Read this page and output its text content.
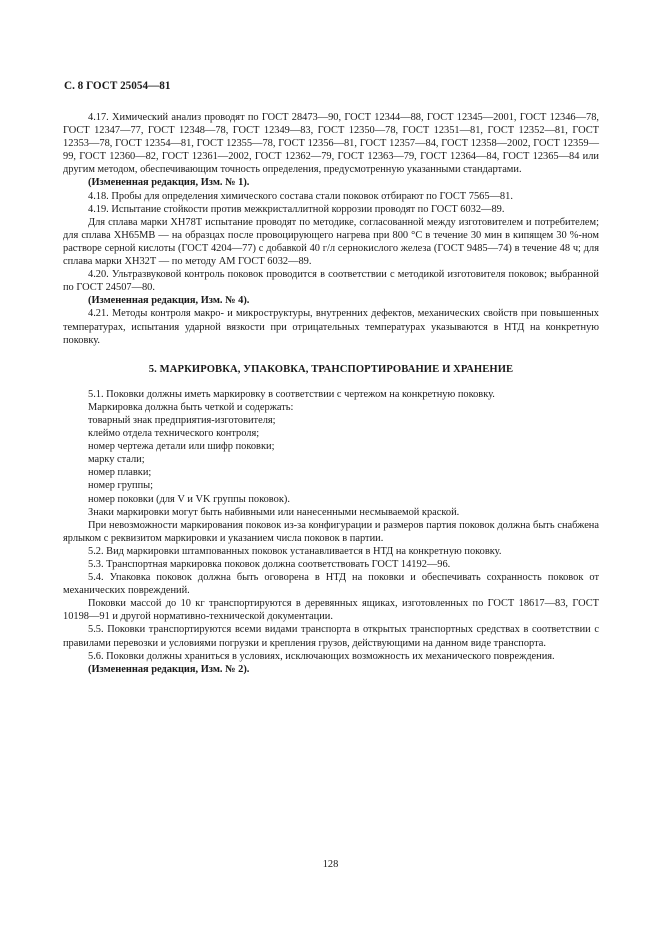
С. 8 ГОСТ 25054—81

4.17. Химический анализ проводят по ГОСТ 28473—90, ГОСТ 12344—88, ГОСТ 12345—2001, ГОСТ 12346—78, ГОСТ 12347—77, ГОСТ 12348—78, ГОСТ 12349—83, ГОСТ 12350—78, ГОСТ 12351—81, ГОСТ 12352—81, ГОСТ 12353—78, ГОСТ 12354—81, ГОСТ 12355—78, ГОСТ 12356—81, ГОСТ 12357—84, ГОСТ 12358—2002, ГОСТ 12359—99, ГОСТ 12360—82, ГОСТ 12361—2002, ГОСТ 12362—79, ГОСТ 12363—79, ГОСТ 12364—84, ГОСТ 12365—84 или другим методом, обеспечивающим точность определения, предусмотренную указанными стандартами.

(Измененная редакция, Изм. № 1).

4.18. Пробы для определения химического состава стали поковок отбирают по ГОСТ 7565—81.

4.19. Испытание стойкости против межкристаллитной коррозии проводят по ГОСТ 6032—89.

Для сплава марки ХН78Т испытание проводят по методике, согласованной между изготовителем и потребителем; для сплава ХН65МВ — на образцах после провоцирующего нагрева при 800 °С в течение 30 мин в кипящем 30 %-ном растворе серной кислоты (ГОСТ 4204—77) с добавкой 40 г/л сернокислого железа (ГОСТ 9485—74) в течение 48 ч; для сплава марки ХН32Т — по методу АМ ГОСТ 6032—89.

4.20. Ультразвуковой контроль поковок проводится в соответствии с методикой изготовителя поковок; выбранной по ГОСТ 24507—80.

(Измененная редакция, Изм. № 4).

4.21. Методы контроля макро- и микроструктуры, внутренних дефектов, механических свойств при повышенных температурах, испытания ударной вязкости при отрицательных температурах указываются в НТД на конкретную поковку.

5. МАРКИРОВКА, УПАКОВКА, ТРАНСПОРТИРОВАНИЕ И ХРАНЕНИЕ

5.1. Поковки должны иметь маркировку в соответствии с чертежом на конкретную поковку.

Маркировка должна быть четкой и содержать:

товарный знак предприятия-изготовителя;

клеймо отдела технического контроля;

номер чертежа детали или шифр поковки;

марку стали;

номер плавки;

номер группы;

номер поковки (для V и VK группы поковок).

Знаки маркировки могут быть набивными или нанесенными несмываемой краской.

При невозможности маркирования поковок из-за конфигурации и размеров партия поковок должна быть снабжена ярлыком с реквизитом маркировки и указанием числа поковок в партии.

5.2. Вид маркировки штампованных поковок устанавливается в НТД на конкретную поковку.

5.3. Транспортная маркировка поковок должна соответствовать ГОСТ 14192—96.

5.4. Упаковка поковок должна быть оговорена в НТД на поковки и обеспечивать сохранность поковок от механических повреждений.

Поковки массой до 10 кг транспортируются в деревянных ящиках, изготовленных по ГОСТ 18617—83, ГОСТ 10198—91 и другой нормативно-технической документации.

5.5. Поковки транспортируются всеми видами транспорта в открытых транспортных средствах в соответствии с правилами перевозки и условиями погрузки и крепления грузов, действующими на данном виде транспорта.

5.6. Поковки должны храниться в условиях, исключающих возможность их механического повреждения.

(Измененная редакция, Изм. № 2).

128
